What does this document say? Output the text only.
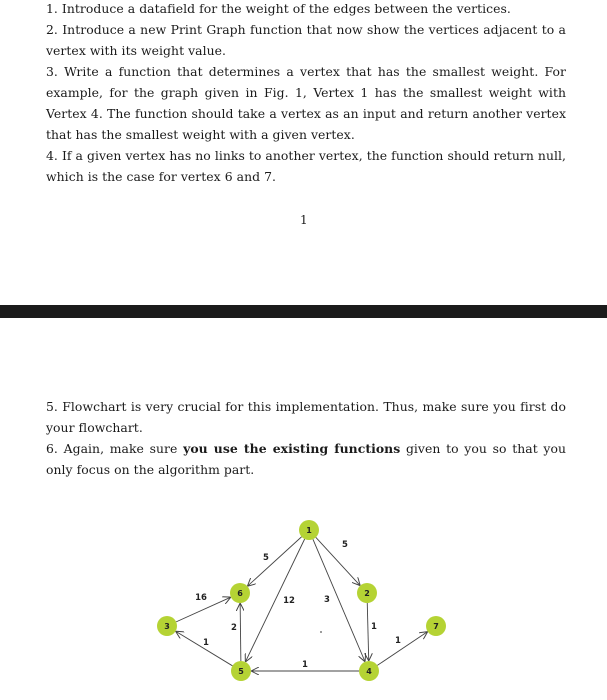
1. Introduce a datafield for the weight of the edges between the vertices.

2. Introduce a new Print Graph function that now show the vertices adjacent to a vertex with its weight value.

3. Write a function that determines a vertex that has the smallest weight. For example, for the graph given in Fig. 1, Vertex 1 has the smallest weight with Vertex 4. The function should take a vertex as an input and return another vertex that has the smallest weight with a given vertex.

4. If a given vertex has no links to another vertex, the function should return null, which is the case for vertex 6 and 7.

1

5. Flowchart is very crucial for this implementation. Thus, make sure you first do your flowchart.

6. Again, make sure you use the existing functions given to you so that you only focus on the algorithm part.

5
5
12	3
16
1
2
1
1
1
1
2
3
4
5
6
7
